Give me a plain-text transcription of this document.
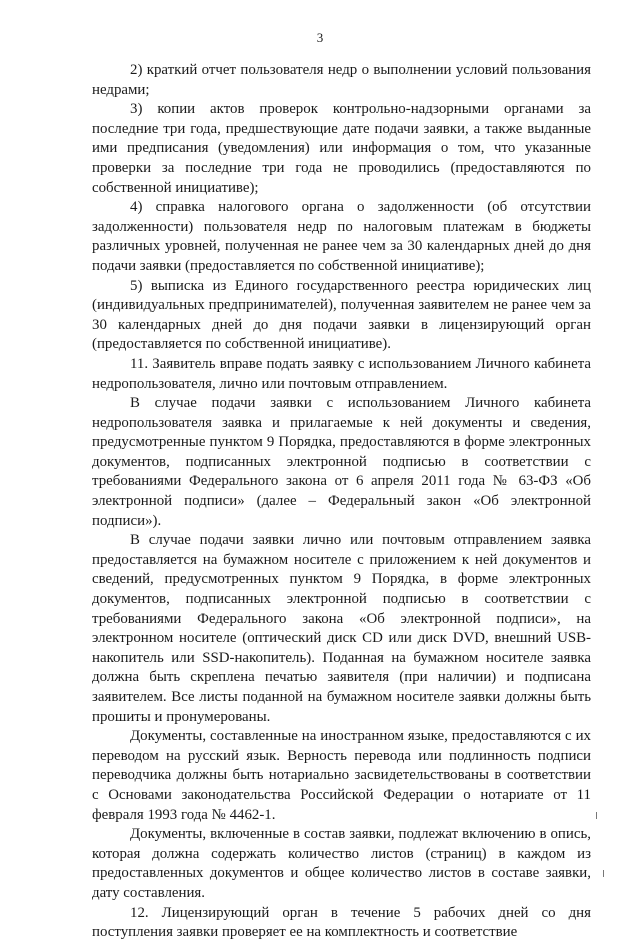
3

2) краткий отчет пользователя недр о выполнении условий пользования недрами;

3) копии актов проверок контрольно-надзорными органами за последние три года, предшествующие дате подачи заявки, а также выданные ими предписания (уведомления) или информация о том, что указанные проверки за последние три года не проводились (предоставляются по собственной инициативе);

4) справка налогового органа о задолженности (об отсутствии задолженности) пользователя недр по налоговым платежам в бюджеты различных уровней, полученная не ранее чем за 30 календарных дней до дня подачи заявки (предоставляется по собственной инициативе);

5) выписка из Единого государственного реестра юридических лиц (индивидуальных предпринимателей), полученная заявителем не ранее чем за 30 календарных дней до дня подачи заявки в лицензирующий орган (предоставляется по собственной инициативе).

11. Заявитель вправе подать заявку с использованием Личного кабинета недропользователя, лично или почтовым отправлением.

В случае подачи заявки с использованием Личного кабинета недропользователя заявка и прилагаемые к ней документы и сведения, предусмотренные пунктом 9 Порядка, предоставляются в форме электронных документов, подписанных электронной подписью в соответствии с требованиями Федерального закона от 6 апреля 2011 года № 63-ФЗ «Об электронной подписи» (далее – Федеральный закон «Об электронной подписи»).

В случае подачи заявки лично или почтовым отправлением заявка предоставляется на бумажном носителе с приложением к ней документов и сведений, предусмотренных пунктом 9 Порядка, в форме электронных документов, подписанных электронной подписью в соответствии с требованиями Федерального закона «Об электронной подписи», на электронном носителе (оптический диск CD или диск DVD, внешний USB-накопитель или SSD-накопитель). Поданная на бумажном носителе заявка должна быть скреплена печатью заявителя (при наличии) и подписана заявителем. Все листы поданной на бумажном носителе заявки должны быть прошиты и пронумерованы.

Документы, составленные на иностранном языке, предоставляются с их переводом на русский язык. Верность перевода или подлинность подписи переводчика должны быть нотариально засвидетельствованы в соответствии с Основами законодательства Российской Федерации о нотариате от 11 февраля 1993 года № 4462-1.

Документы, включенные в состав заявки, подлежат включению в опись, которая должна содержать количество листов (страниц) в каждом из предоставленных документов и общее количество листов в составе заявки, дату составления.

12. Лицензирующий орган в течение 5 рабочих дней со дня поступления заявки проверяет ее на комплектность и соответствие
